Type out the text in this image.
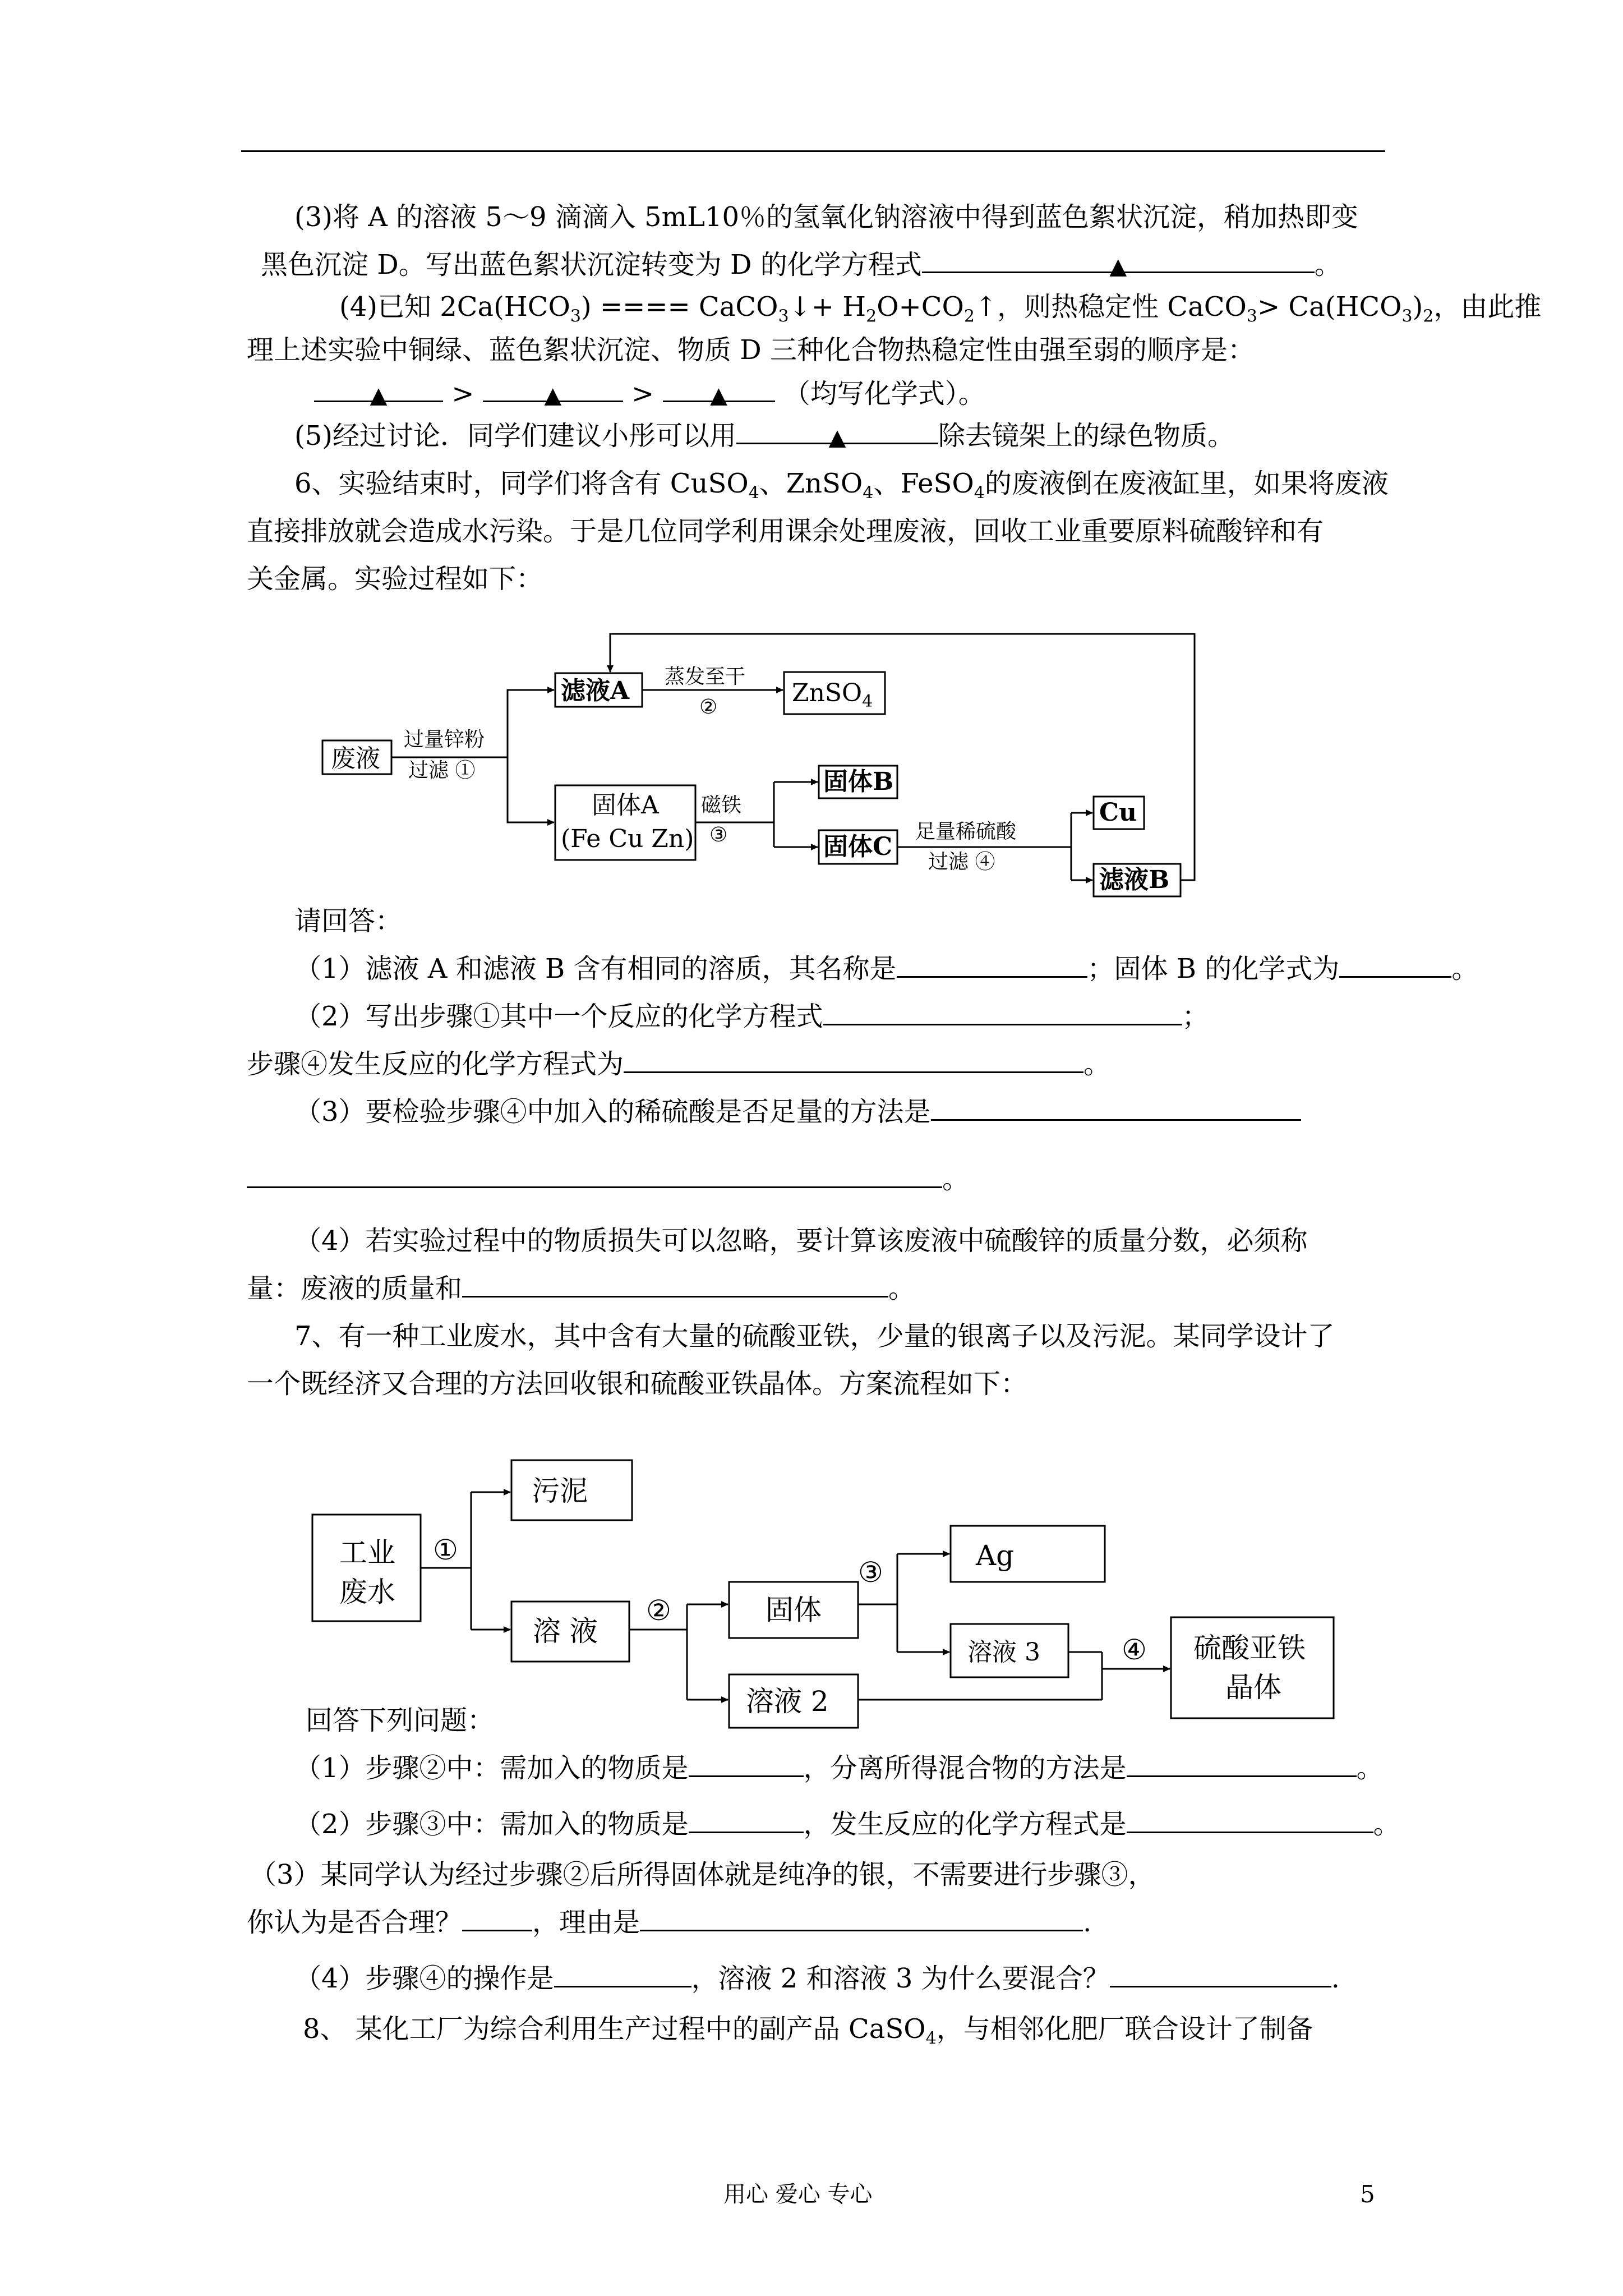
(3)将 A 的溶液 5～9 滴滴入 5mL10％的氢氧化钠溶液中得到蓝色絮状沉淀，稍加热即变
黑色沉淀 D。写出蓝色絮状沉淀转变为 D 的化学方程式	▲	。
(4)已知 $2Ca(HCO_3)$ ==== CaCO$_3$↓+ $H_2O+CO_2↑$，则热稳定性 CaCO$_3$> $Ca(HCO_3)_2$，由此推
理上述实验中铜绿、蓝色絮状沉淀、物质 D 三种化合物热稳定性由强至弱的顺序是：
▲ >	▲	> ▲ （均写化学式）。
(5)经过讨论．同学们建议小彤可以用	▲	除去镜架上的绿色物质。
6、实验结束时，同学们将含有 CuSO$_4$、ZnSO$_4$、FeSO$_4$的废液倒在废液缸里，如果将废液
直接排放就会造成水污染。于是几位同学利用课余处理废液，回收工业重要原料硫酸锌和有
关金属。实验过程如下：
废液
滤液A	ZnSO$_4$
固体A
(Fe Cu Zn)
固体B
固体C
Cu
滤液B
过量锌粉
过滤 ①
蒸发至干
②
磁铁
③	足量稀硫酸
过滤 ④
请回答：
（1）滤液 A 和滤液 B 含有相同的溶质，其名称是	；固体 B 的化学式为	。
（2）写出步骤①其中一个反应的化学方程式	；
步骤④发生反应的化学方程式为	。
（3）要检验步骤④中加入的稀硫酸是否足量的方法是
。
（4）若实验过程中的物质损失可以忽略，要计算该废液中硫酸锌的质量分数，必须称
量：废液的质量和	。
7、有一种工业废水，其中含有大量的硫酸亚铁，少量的银离子以及污泥。某同学设计了
一个既经济又合理的方法回收银和硫酸亚铁晶体。方案流程如下：
工业
废水
污泥
溶 液
固体
溶液 2
Ag
溶液 3	硫酸亚铁
晶体
①
②
③
④
回答下列问题：
（1）步骤②中：需加入的物质是	，分离所得混合物的方法是	。
（2）步骤③中：需加入的物质是	，发生反应的化学方程式是	。
（3）某同学认为经过步骤②后所得固体就是纯净的银，不需要进行步骤③，
你认为是否合理？	，理由是	.
（4）步骤④的操作是	，溶液 2 和溶液 3 为什么要混合？	.
8、 某化工厂为综合利用生产过程中的副产品 CaSO$_4$，与相邻化肥厂联合设计了制备
用心 爱心 专心	5
